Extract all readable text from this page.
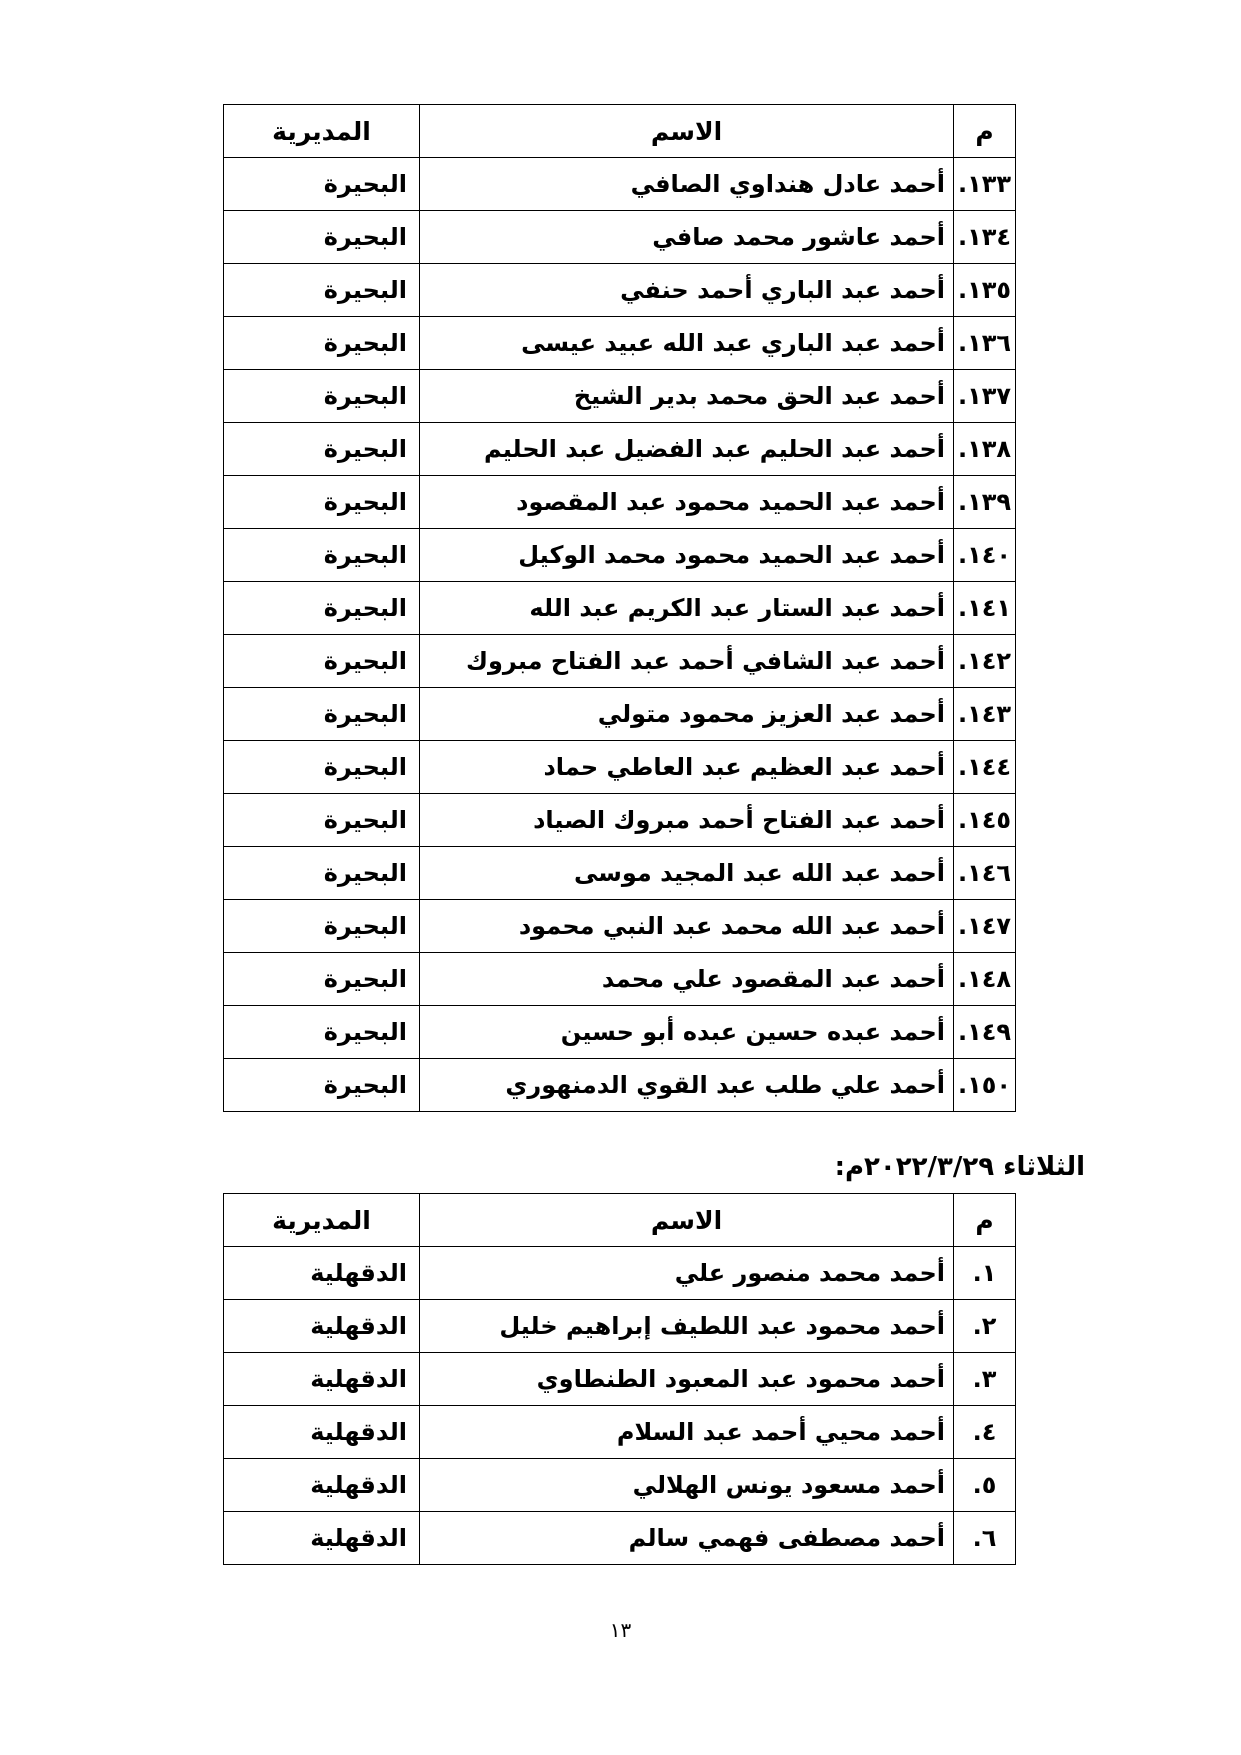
م	الاسم	المديرية
١٣٣.	أحمد عادل هنداوي الصافي	البحيرة
١٣٤.	أحمد عاشور محمد صافي	البحيرة
١٣٥.	أحمد عبد الباري أحمد حنفي	البحيرة
١٣٦.	أحمد عبد الباري عبد الله عبيد عيسى	البحيرة
١٣٧.	أحمد عبد الحق محمد بدير الشيخ	البحيرة
١٣٨.	أحمد عبد الحليم عبد الفضيل عبد الحليم	البحيرة
١٣٩.	أحمد عبد الحميد محمود عبد المقصود	البحيرة
١٤٠.	أحمد عبد الحميد محمود محمد الوكيل	البحيرة
١٤١.	أحمد عبد الستار عبد الكريم عبد الله	البحيرة
١٤٢.	أحمد عبد الشافي أحمد عبد الفتاح مبروك	البحيرة
١٤٣.	أحمد عبد العزيز محمود متولي	البحيرة
١٤٤.	أحمد عبد العظيم عبد العاطي حماد	البحيرة
١٤٥.	أحمد عبد الفتاح أحمد مبروك الصياد	البحيرة
١٤٦.	أحمد عبد الله عبد المجيد موسى	البحيرة
١٤٧.	أحمد عبد الله محمد عبد النبي محمود	البحيرة
١٤٨.	أحمد عبد المقصود علي محمد	البحيرة
١٤٩.	أحمد عبده حسين عبده أبو حسين	البحيرة
١٥٠.	أحمد علي طلب عبد القوي الدمنهوري	البحيرة
الثلاثاء ٢٠٢٢/٣/٢٩م:
م	الاسم	المديرية
١.	أحمد محمد منصور علي	الدقهلية
٢.	أحمد محمود عبد اللطيف إبراهيم خليل	الدقهلية
٣.	أحمد محمود عبد المعبود الطنطاوي	الدقهلية
٤.	أحمد محيي أحمد عبد السلام	الدقهلية
٥.	أحمد مسعود يونس الهلالي	الدقهلية
٦.	أحمد مصطفى فهمي سالم	الدقهلية
١٣
